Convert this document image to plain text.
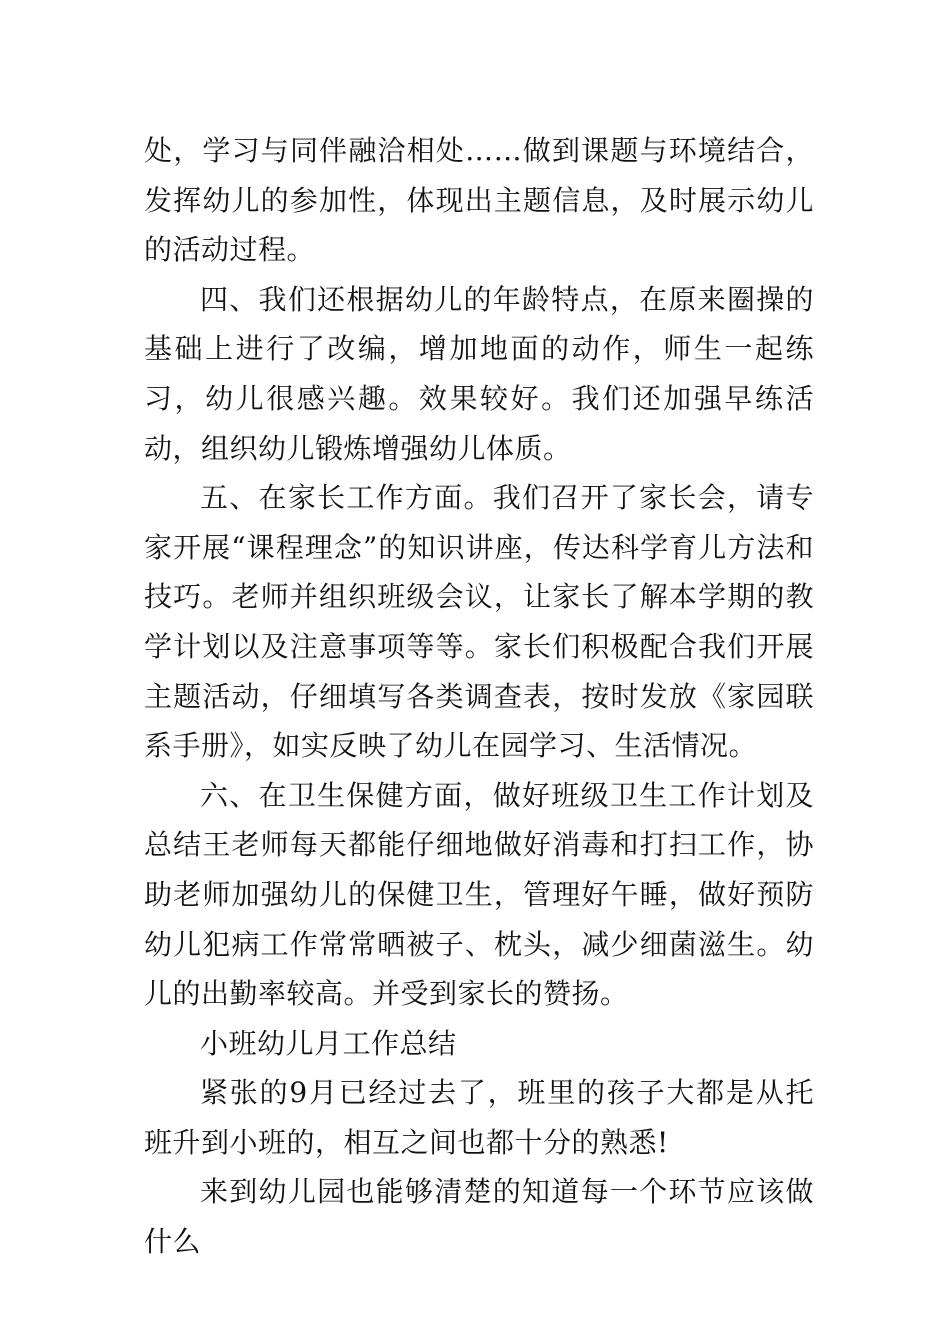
处，学习与同伴融洽相处……做到课题与环境结合，发挥幼儿的参加性，体现出主题信息，及时展示幼儿的活动过程。

四、我们还根据幼儿的年龄特点，在原来圈操的基础上进行了改编，增加地面的动作，师生一起练习，幼儿很感兴趣。效果较好。我们还加强早练活动，组织幼儿锻炼增强幼儿体质。

五、在家长工作方面。我们召开了家长会，请专家开展“课程理念”的知识讲座，传达科学育儿方法和技巧。老师并组织班级会议，让家长了解本学期的教学计划以及注意事项等等。家长们积极配合我们开展主题活动，仔细填写各类调查表，按时发放《家园联系手册》，如实反映了幼儿在园学习、生活情况。

六、在卫生保健方面，做好班级卫生工作计划及总结王老师每天都能仔细地做好消毒和打扫工作，协助老师加强幼儿的保健卫生，管理好午睡，做好预防幼儿犯病工作常常晒被子、枕头，减少细菌滋生。幼儿的出勤率较高。并受到家长的赞扬。

小班幼儿月工作总结

紧张的9月已经过去了，班里的孩子大都是从托班升到小班的，相互之间也都十分的熟悉!

来到幼儿园也能够清楚的知道每一个环节应该做什么
